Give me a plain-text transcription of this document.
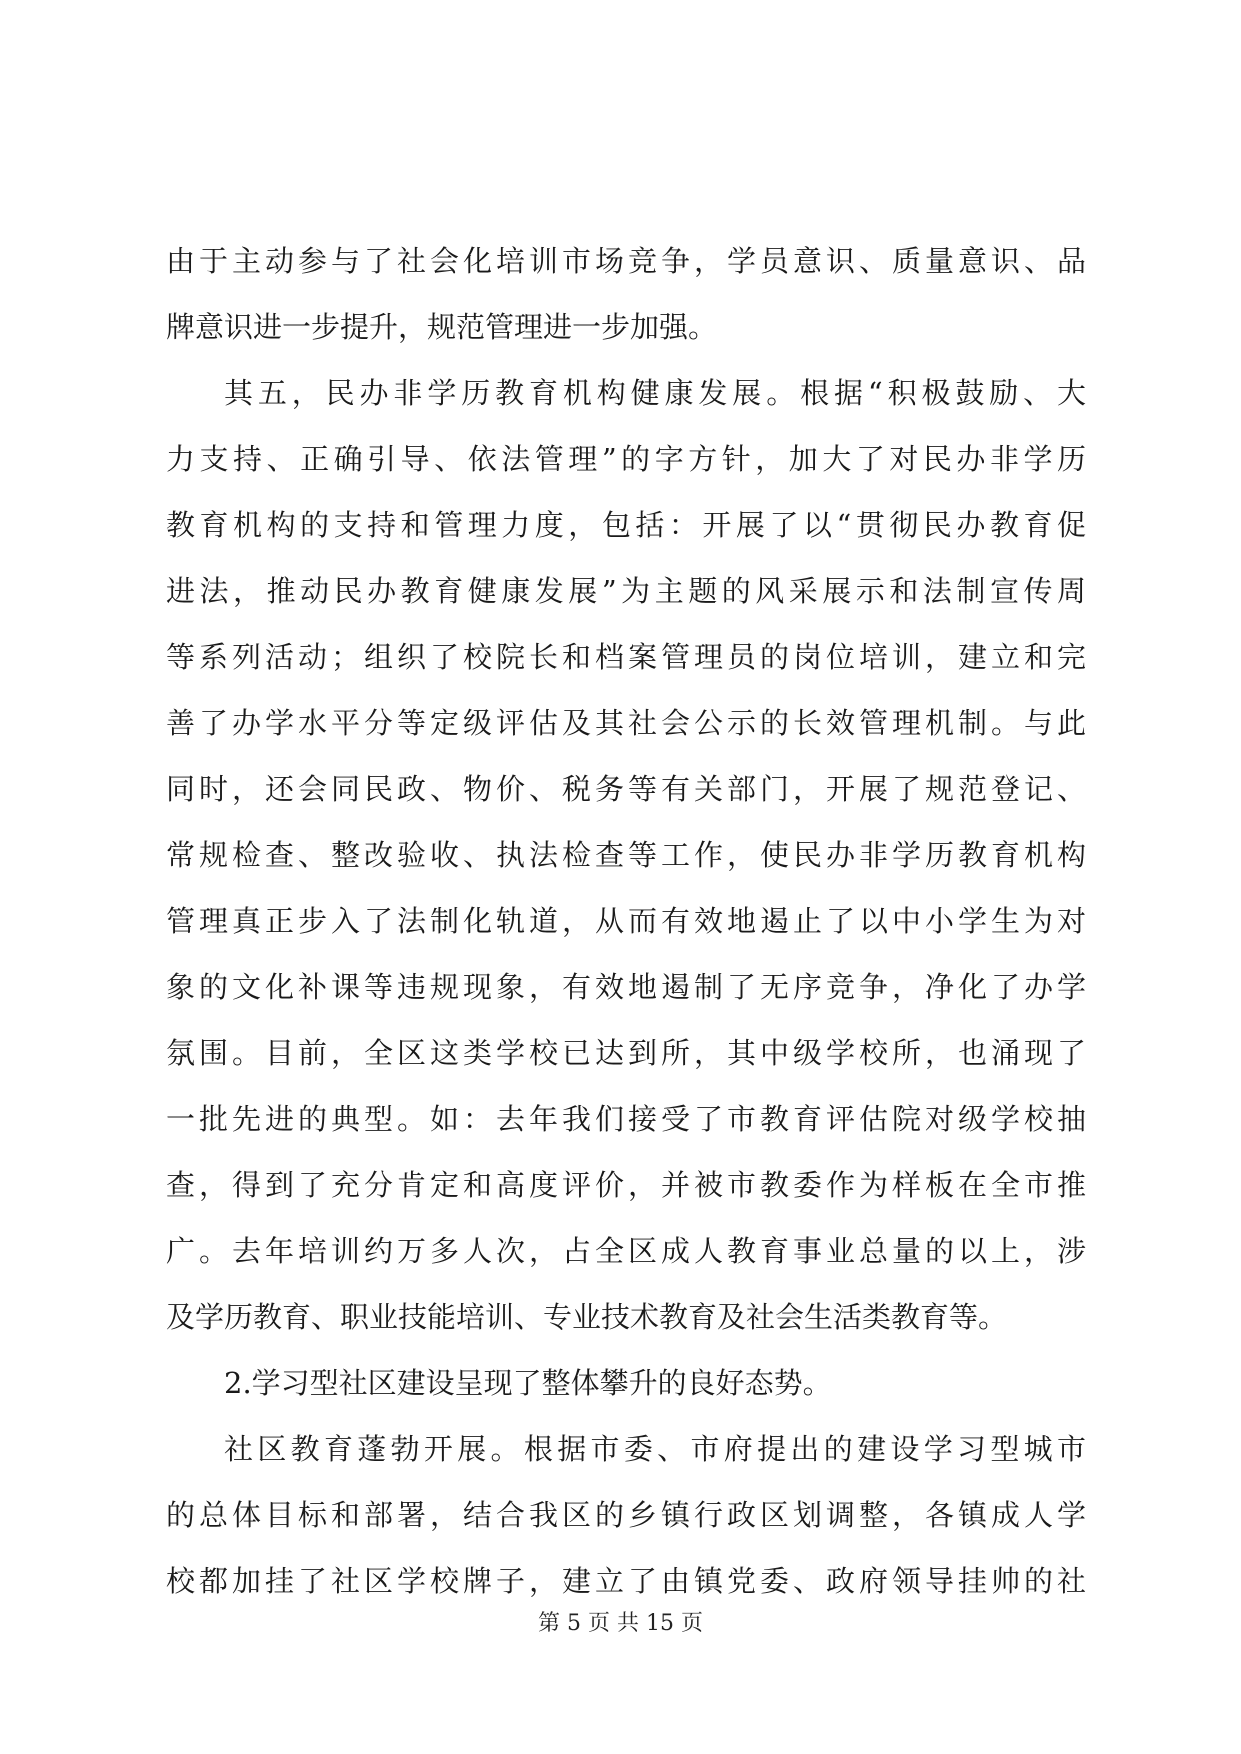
由于主动参与了社会化培训市场竞争，学员意识、质量意识、品
牌意识进一步提升，规范管理进一步加强。
其五，民办非学历教育机构健康发展。根据“积极鼓励、大
力支持、正确引导、依法管理”的字方针，加大了对民办非学历
教育机构的支持和管理力度，包括：开展了以“贯彻民办教育促
进法，推动民办教育健康发展”为主题的风采展示和法制宣传周
等系列活动；组织了校院长和档案管理员的岗位培训，建立和完
善了办学水平分等定级评估及其社会公示的长效管理机制。与此
同时，还会同民政、物价、税务等有关部门，开展了规范登记、
常规检查、整改验收、执法检查等工作，使民办非学历教育机构
管理真正步入了法制化轨道，从而有效地遏止了以中小学生为对
象的文化补课等违规现象，有效地遏制了无序竞争，净化了办学
氛围。目前，全区这类学校已达到所，其中级学校所，也涌现了
一批先进的典型。如：去年我们接受了市教育评估院对级学校抽
查，得到了充分肯定和高度评价，并被市教委作为样板在全市推
广。去年培训约万多人次，占全区成人教育事业总量的以上，涉
及学历教育、职业技能培训、专业技术教育及社会生活类教育等。
2.学习型社区建设呈现了整体攀升的良好态势。
社区教育蓬勃开展。根据市委、市府提出的建设学习型城市
的总体目标和部署，结合我区的乡镇行政区划调整，各镇成人学
校都加挂了社区学校牌子，建立了由镇党委、政府领导挂帅的社
第 5 页 共 15 页
